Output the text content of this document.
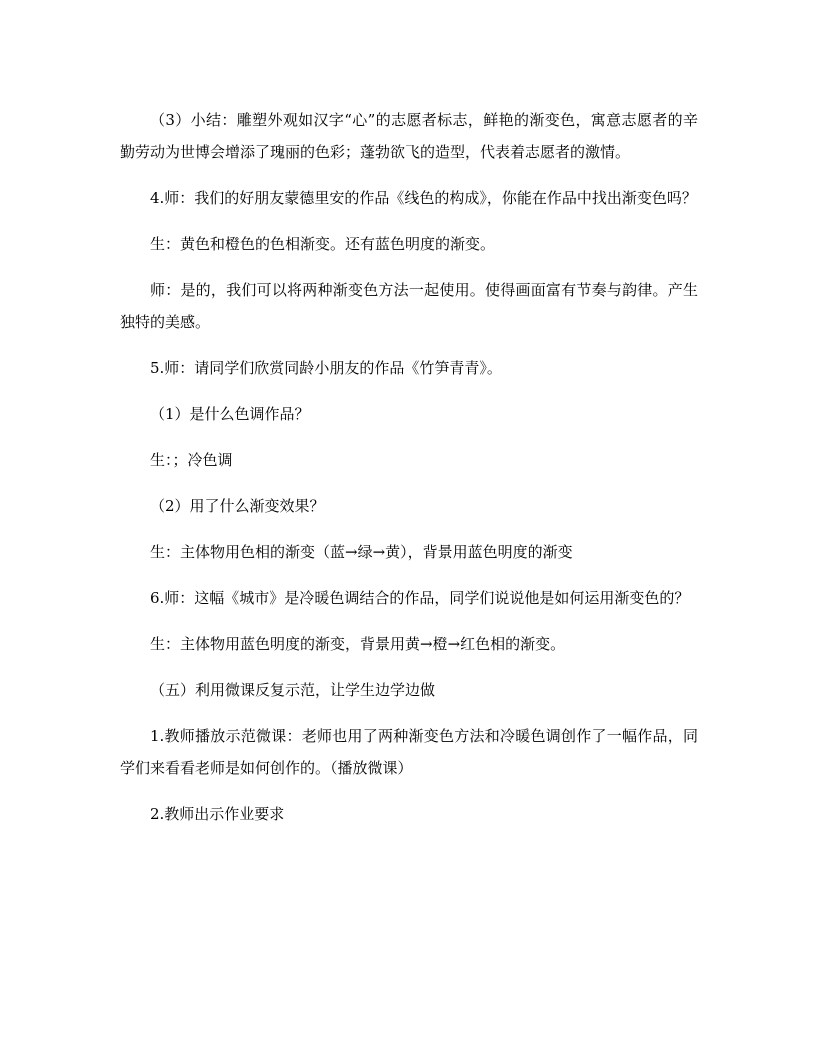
（3）小结：雕塑外观如汉字“心”的志愿者标志，鲜艳的渐变色，寓意志愿者的辛勤劳动为世博会增添了瑰丽的色彩；蓬勃欲飞的造型，代表着志愿者的激情。

4.师：我们的好朋友蒙德里安的作品《线色的构成》，你能在作品中找出渐变色吗？

生：黄色和橙色的色相渐变。还有蓝色明度的渐变。

师：是的，我们可以将两种渐变色方法一起使用。使得画面富有节奏与韵律。产生独特的美感。

5.师：请同学们欣赏同龄小朋友的作品《竹笋青青》。

（1）是什么色调作品？

生：；冷色调

（2）用了什么渐变效果？

生：主体物用色相的渐变（蓝→绿→黄），背景用蓝色明度的渐变

6.师：这幅《城市》是冷暖色调结合的作品，同学们说说他是如何运用渐变色的？

生：主体物用蓝色明度的渐变，背景用黄→橙→红色相的渐变。

（五）利用微课反复示范，让学生边学边做

1.教师播放示范微课：老师也用了两种渐变色方法和冷暖色调创作了一幅作品，同学们来看看老师是如何创作的。（播放微课）

2.教师出示作业要求
